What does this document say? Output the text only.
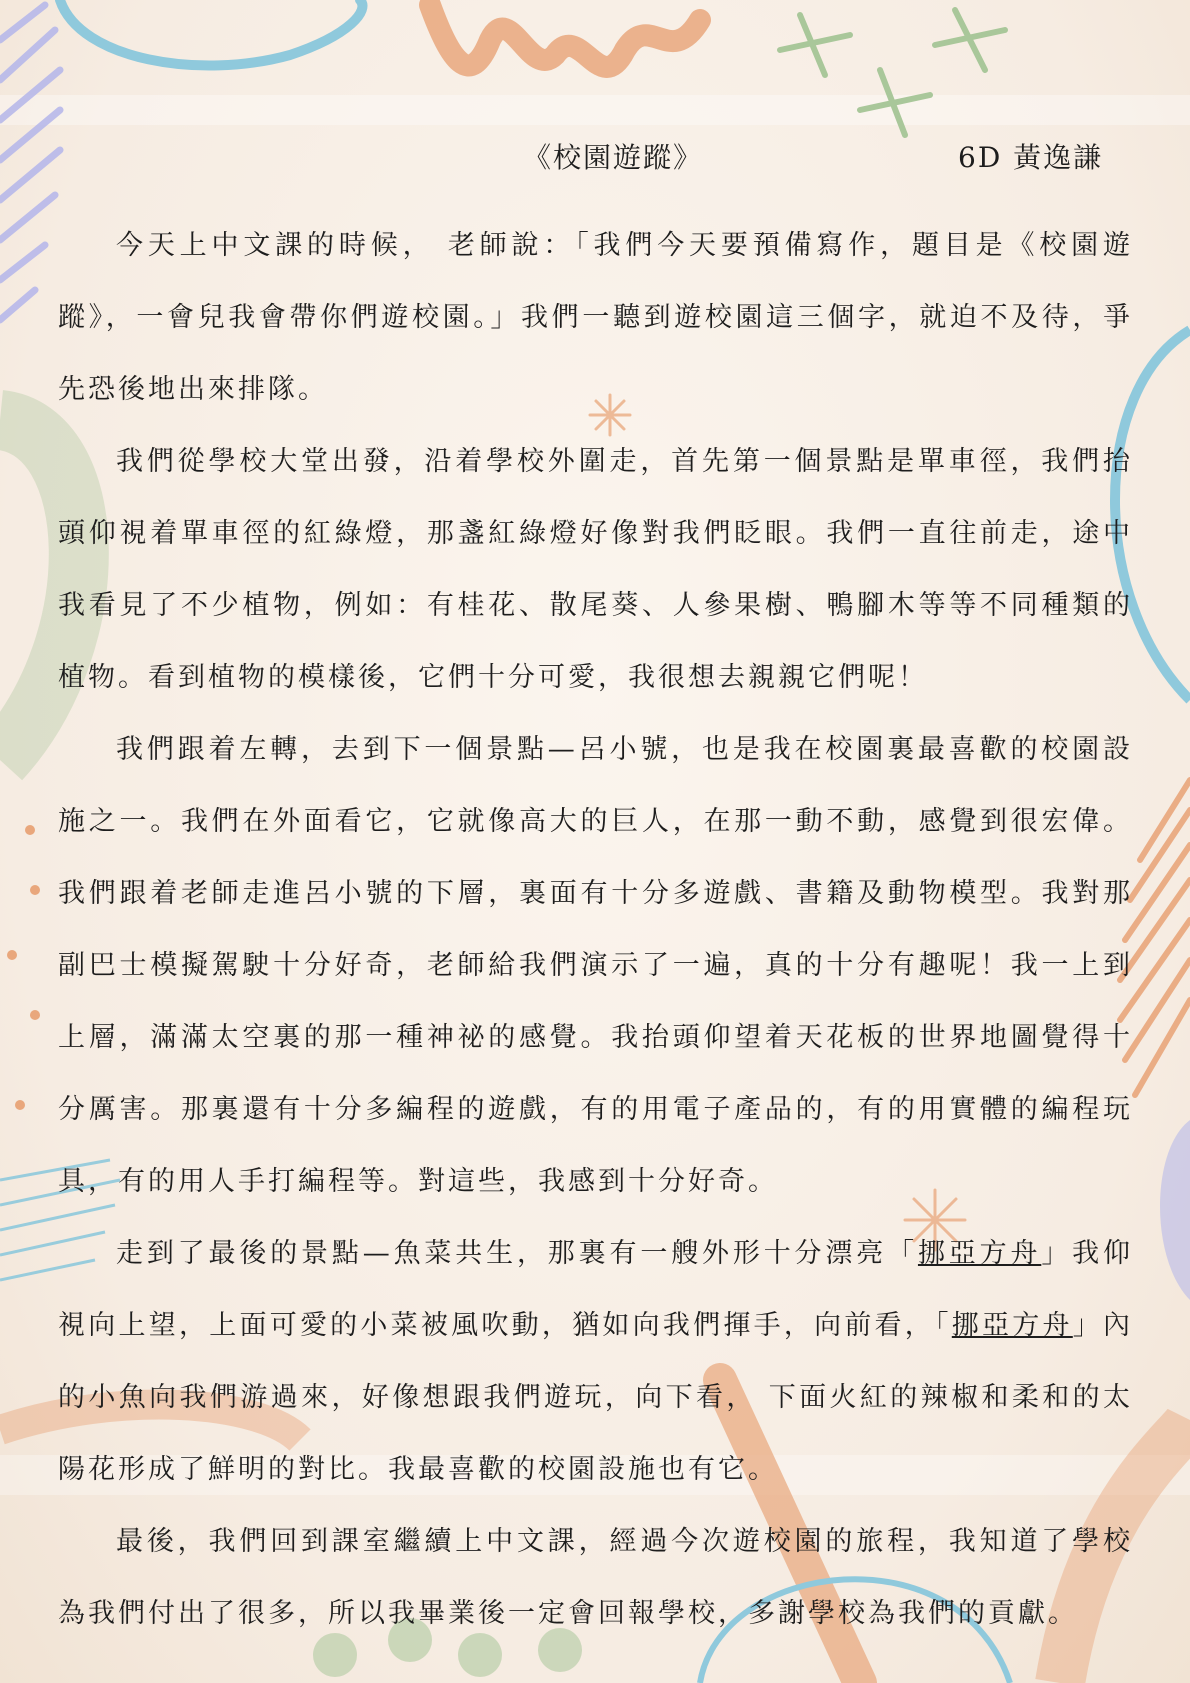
《校園遊蹤》	6D 黃逸謙

今天上中文課的時候， 老師說：「我們今天要預備寫作，題目是《校園遊蹤》，一會兒我會帶你們遊校園。」我們一聽到遊校園這三個字，就迫不及待，爭先恐後地出來排隊。

我們從學校大堂出發，沿着學校外圍走，首先第一個景點是單車徑，我們抬頭仰視着單車徑的紅綠燈，那盞紅綠燈好像對我們眨眼。我們一直往前走，途中我看見了不少植物，例如：有桂花、散尾葵、人參果樹、鴨腳木等等不同種類的植物。看到植物的模樣後，它們十分可愛，我很想去親親它們呢！

我們跟着左轉，去到下一個景點—呂小號，也是我在校園裏最喜歡的校園設施之一。我們在外面看它，它就像高大的巨人，在那一動不動，感覺到很宏偉。我們跟着老師走進呂小號的下層，裏面有十分多遊戲、書籍及動物模型。我對那副巴士模擬駕駛十分好奇，老師給我們演示了一遍，真的十分有趣呢！我一上到上層，滿滿太空裏的那一種神祕的感覺。我抬頭仰望着天花板的世界地圖覺得十分厲害。那裏還有十分多編程的遊戲，有的用電子產品的，有的用實體的編程玩具，有的用人手打編程等。對這些，我感到十分好奇。

走到了最後的景點—魚菜共生，那裏有一艘外形十分漂亮「挪亞方舟」我仰視向上望，上面可愛的小菜被風吹動，猶如向我們揮手，向前看，「挪亞方舟」內的小魚向我們游過來，好像想跟我們遊玩，向下看， 下面火紅的辣椒和柔和的太陽花形成了鮮明的對比。我最喜歡的校園設施也有它。

最後，我們回到課室繼續上中文課，經過今次遊校園的旅程，我知道了學校為我們付出了很多，所以我畢業後一定會回報學校，多謝學校為我們的貢獻。
